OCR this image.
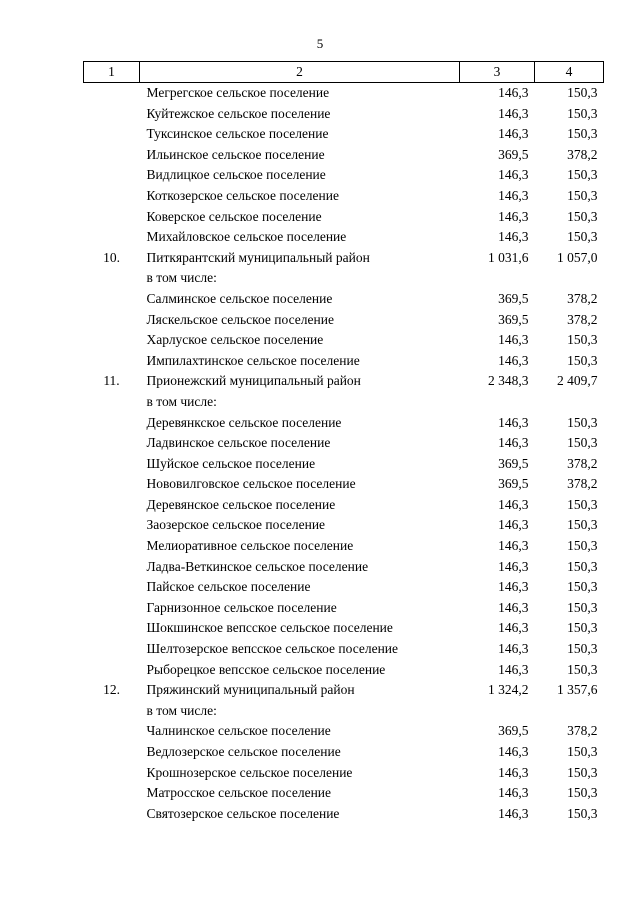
5
1	2	3	4
	Мегрегское сельское поселение	146,3	150,3
	Куйтежское сельское поселение	146,3	150,3
	Туксинское сельское поселение	146,3	150,3
	Ильинское сельское поселение	369,5	378,2
	Видлицкое сельское поселение	146,3	150,3
	Коткозерское сельское поселение	146,3	150,3
	Коверское сельское поселение	146,3	150,3
	Михайловское сельское поселение	146,3	150,3
10.	Питкярантский муниципальный район	1 031,6	1 057,0
	в том числе:		
	Салминское сельское поселение	369,5	378,2
	Ляскельское сельское поселение	369,5	378,2
	Харлуское сельское поселение	146,3	150,3
	Импилахтинское сельское поселение	146,3	150,3
11.	Прионежский муниципальный район	2 348,3	2 409,7
	в том числе:		
	Деревянкское сельское поселение	146,3	150,3
	Ладвинское сельское поселение	146,3	150,3
	Шуйское сельское поселение	369,5	378,2
	Нововилговское сельское поселение	369,5	378,2
	Деревянское сельское поселение	146,3	150,3
	Заозерское сельское поселение	146,3	150,3
	Мелиоративное сельское поселение	146,3	150,3
	Ладва-Веткинское сельское поселение	146,3	150,3
	Пайское сельское поселение	146,3	150,3
	Гарнизонное сельское поселение	146,3	150,3
	Шокшинское вепсское сельское поселение	146,3	150,3
	Шелтозерское вепсское сельское поселение	146,3	150,3
	Рыборецкое вепсское сельское поселение	146,3	150,3
12.	Пряжинский муниципальный район	1 324,2	1 357,6
	в том числе:		
	Чалнинское сельское поселение	369,5	378,2
	Ведлозерское сельское поселение	146,3	150,3
	Крошнозерское сельское поселение	146,3	150,3
	Матросское сельское поселение	146,3	150,3
	Святозерское сельское поселение	146,3	150,3
